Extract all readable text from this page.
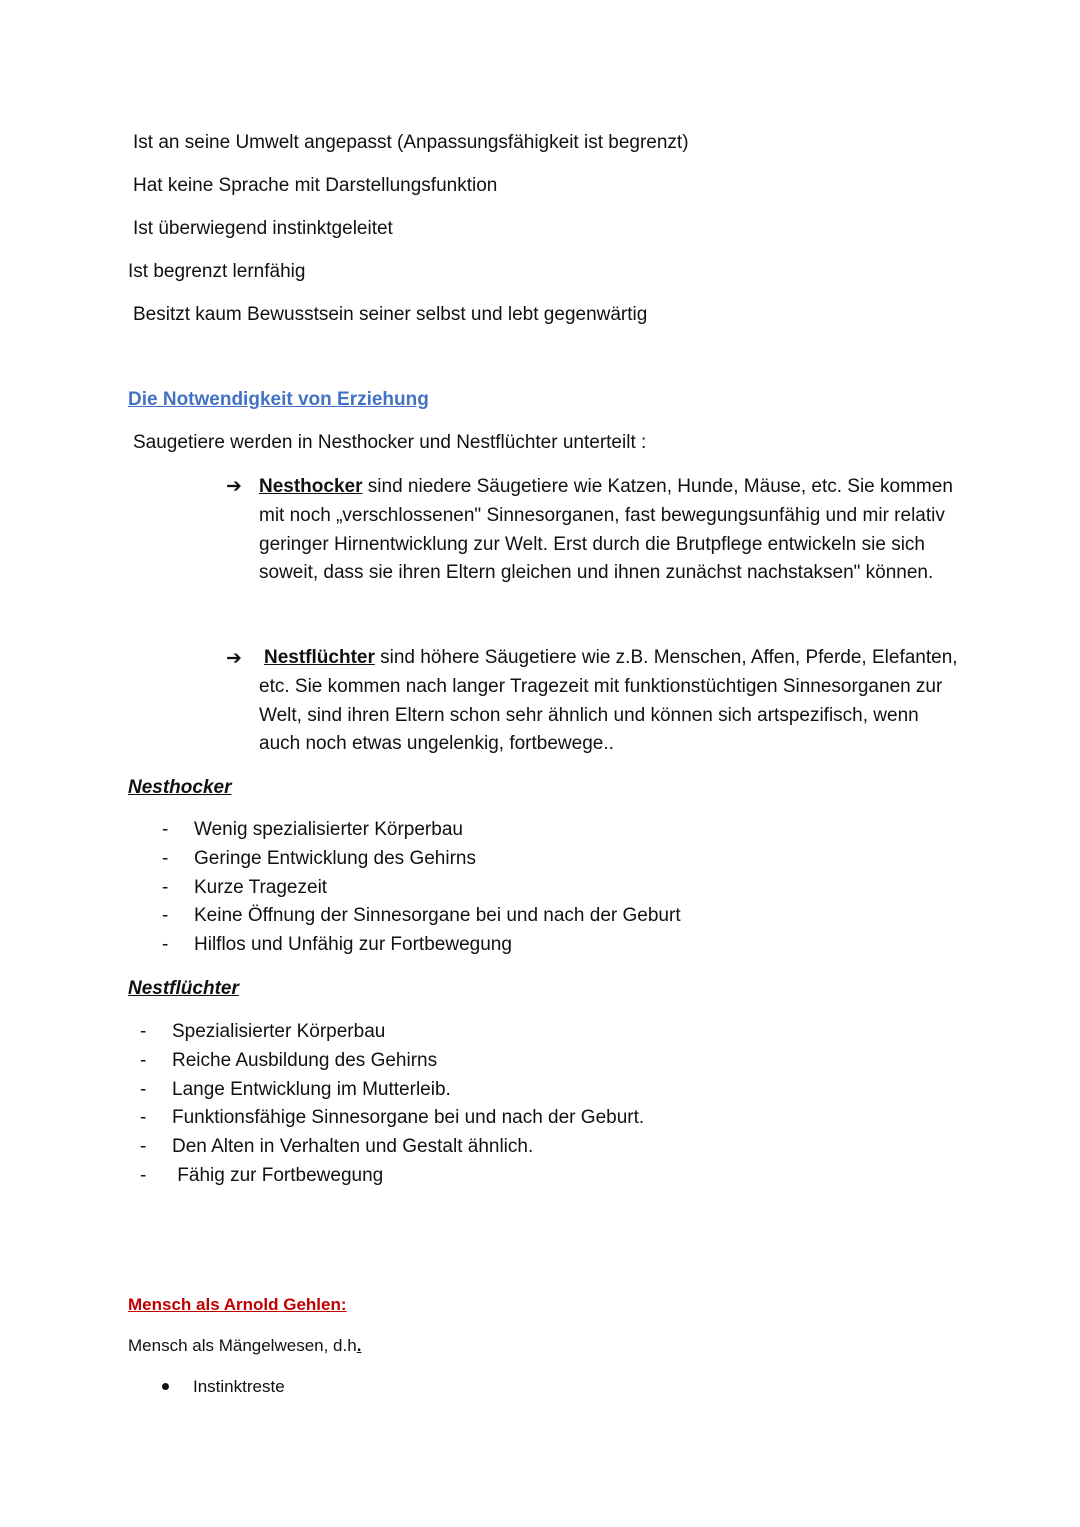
Ist an seine Umwelt angepasst (Anpassungsfähigkeit ist begrenzt)
Hat keine Sprache mit Darstellungsfunktion
Ist überwiegend instinktgeleitet
Ist begrenzt lernfähig
Besitzt kaum Bewusstsein seiner selbst und lebt gegenwärtig
Die Notwendigkeit von Erziehung
Saugetiere werden in Nesthocker und Nestflüchter unterteilt :
➔ Nesthocker sind niedere Säugetiere wie Katzen, Hunde, Mäuse, etc. Sie kommen mit noch „verschlossenen" Sinnesorganen, fast bewegungsunfähig und mir relativ geringer Hirnentwicklung zur Welt. Erst durch die Brutpflege entwickeln sie sich soweit, dass sie ihren Eltern gleichen und ihnen zunächst nachstaksen" können.
➔ Nestflüchter sind höhere Säugetiere wie z.B. Menschen, Affen, Pferde, Elefanten, etc. Sie kommen nach langer Tragezeit mit funktionstüchtigen Sinnesorganen zur Welt, sind ihren Eltern schon sehr ähnlich und können sich artspezifisch, wenn auch noch etwas ungelenkig, fortbewege..
Nesthocker
- Wenig spezialisierter Körperbau
- Geringe Entwicklung des Gehirns
- Kurze Tragezeit
- Keine Öffnung der Sinnesorgane bei und nach der Geburt
- Hilflos und Unfähig zur Fortbewegung
Nestflüchter
- Spezialisierter Körperbau
- Reiche Ausbildung des Gehirns
- Lange Entwicklung im Mutterleib.
- Funktionsfähige Sinnesorgane bei und nach der Geburt.
- Den Alten in Verhalten und Gestalt ähnlich.
- Fähig zur Fortbewegung
Mensch als Arnold Gehlen:
Mensch als Mängelwesen, d.h.
Instinktreste
